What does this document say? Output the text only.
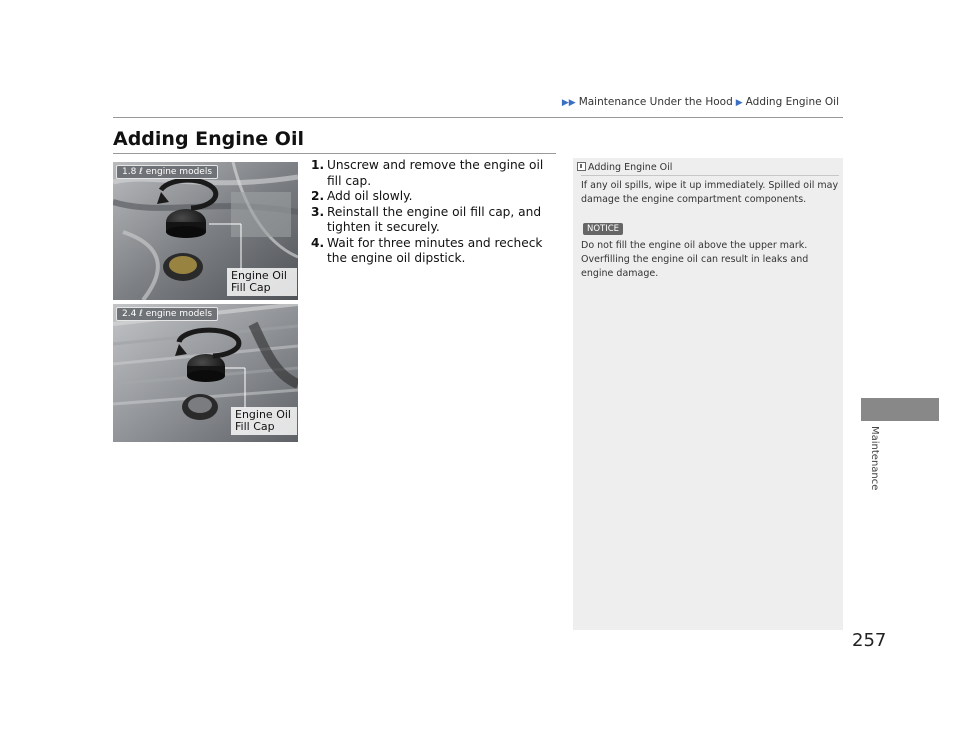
▶▶ Maintenance Under the Hood ▶ Adding Engine Oil
Adding Engine Oil
1.8 ℓ engine models
Engine Oil
Fill Cap
2.4 ℓ engine models
Engine Oil
Fill Cap
1. Unscrew and remove the engine oil fill cap.
2. Add oil slowly.
3. Reinstall the engine oil fill cap, and tighten it securely.
4. Wait for three minutes and recheck the engine oil dipstick.
Adding Engine Oil

If any oil spills, wipe it up immediately. Spilled oil may damage the engine compartment components.

NOTICE

Do not fill the engine oil above the upper mark. Overfilling the engine oil can result in leaks and engine damage.

Maintenance
257
